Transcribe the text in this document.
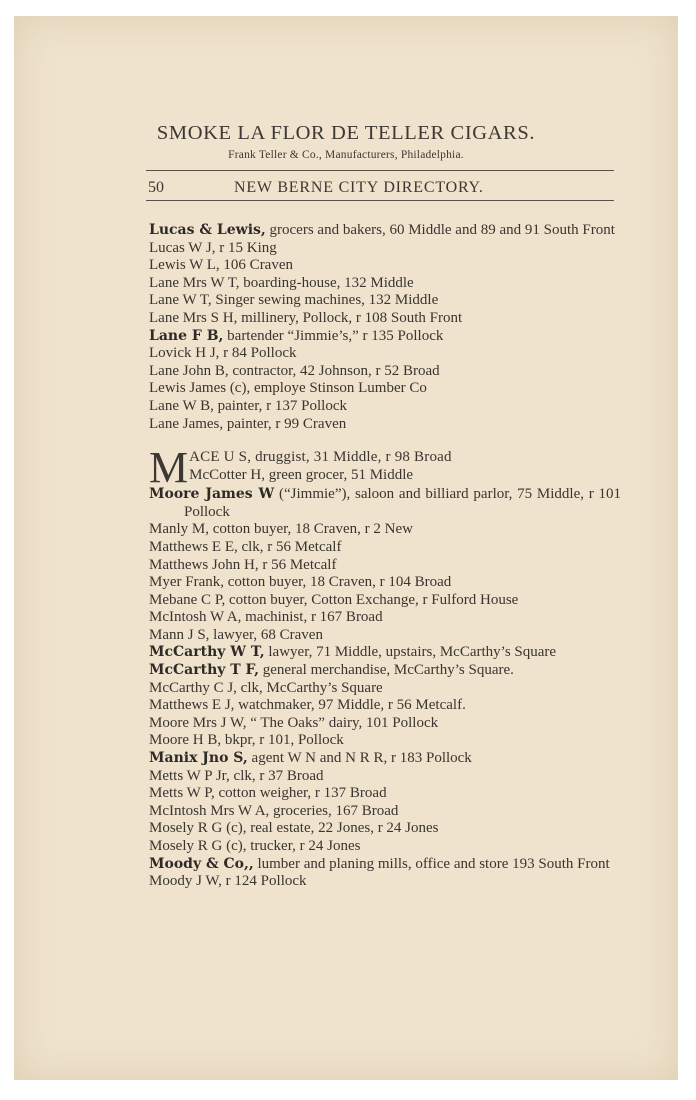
SMOKE LA FLOR DE TELLER CIGARS.
Frank Teller & Co., Manufacturers, Philadelphia.
50	NEW BERNE CITY DIRECTORY.
Lucas & Lewis, grocers and bakers, 60 Middle and 89 and 91 South Front
Lucas W J, r 15 King
Lewis W L, 106 Craven
Lane Mrs W T, boarding-house, 132 Middle
Lane W T, Singer sewing machines, 132 Middle
Lane Mrs S H, millinery, Pollock, r 108 South Front
Lane F B, bartender “Jimmie’s,” r 135 Pollock
Lovick H J, r 84 Pollock
Lane John B, contractor, 42 Johnson, r 52 Broad
Lewis James (c), employe Stinson Lumber Co
Lane W B, painter, r 137 Pollock
Lane James, painter, r 99 Craven
M ACE U S, druggist, 31 Middle, r 98 Broad
McCotter H, green grocer, 51 Middle
Moore James W (“Jimmie”), saloon and billiard parlor, 75 Middle, r 101 Pollock
Manly M, cotton buyer, 18 Craven, r 2 New
Matthews E E, clk, r 56 Metcalf
Matthews John H, r 56 Metcalf
Myer Frank, cotton buyer, 18 Craven, r 104 Broad
Mebane C P, cotton buyer, Cotton Exchange, r Fulford House
McIntosh W A, machinist, r 167 Broad
Mann J S, lawyer, 68 Craven
McCarthy W T, lawyer, 71 Middle, upstairs, McCarthy’s Square
McCarthy T F, general merchandise, McCarthy’s Square.
McCarthy C J, clk, McCarthy’s Square
Matthews E J, watchmaker, 97 Middle, r 56 Metcalf.
Moore Mrs J W, “ The Oaks” dairy, 101 Pollock
Moore H B, bkpr, r 101, Pollock
Manix Jno S, agent W N and N R R, r 183 Pollock
Metts W P Jr, clk, r 37 Broad
Metts W P, cotton weigher, r 137 Broad
McIntosh Mrs W A, groceries, 167 Broad
Mosely R G (c), real estate, 22 Jones, r 24 Jones
Mosely R G (c), trucker, r 24 Jones
Moody & Co,, lumber and planing mills, office and store 193 South Front
Moody J W, r 124 Pollock
